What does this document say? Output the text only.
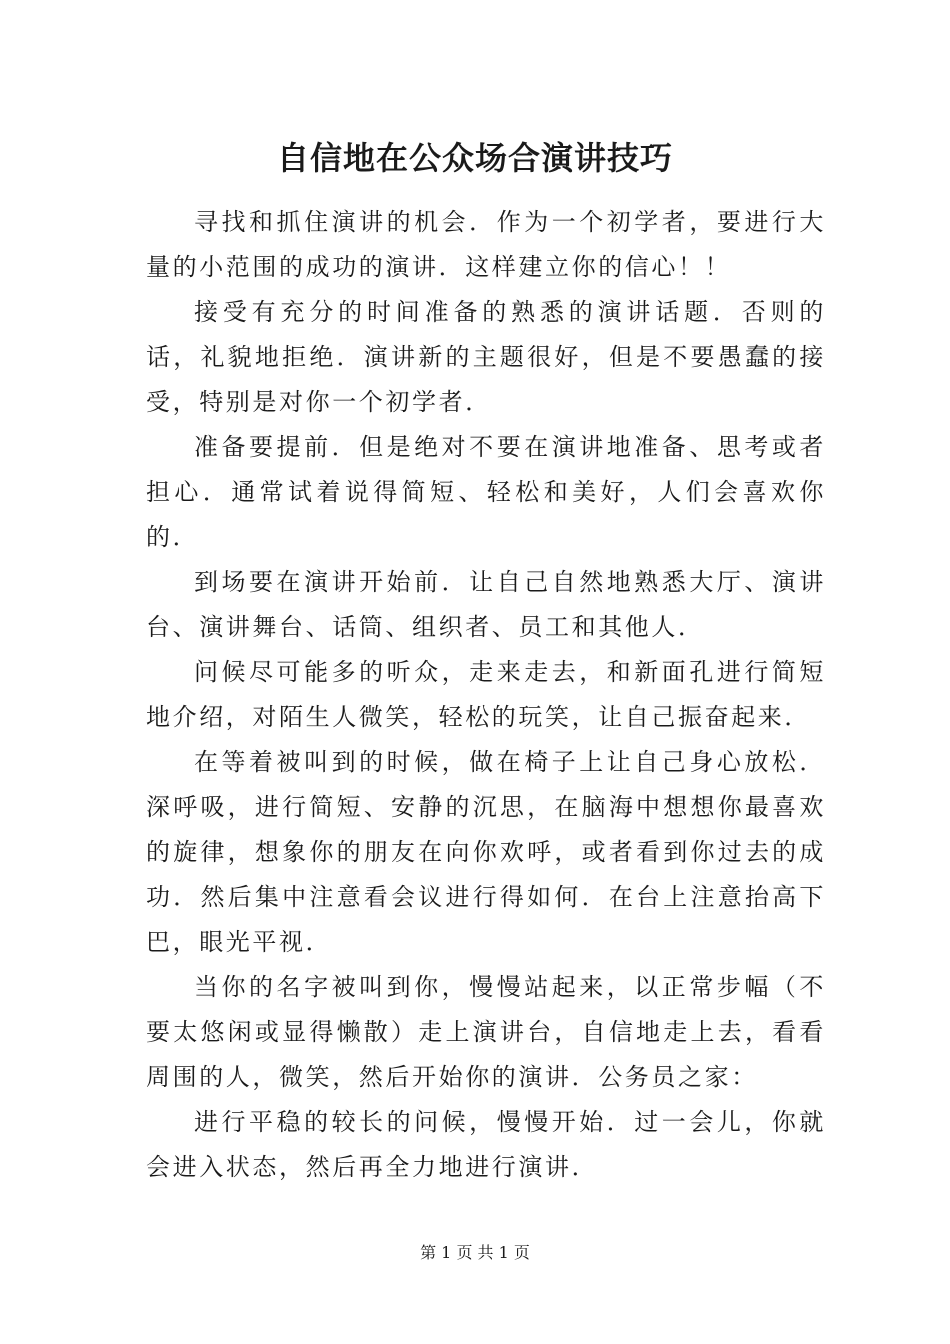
自信地在公众场合演讲技巧

寻找和抓住演讲的机会．作为一个初学者，要进行大量的小范围的成功的演讲．这样建立你的信心！！

接受有充分的时间准备的熟悉的演讲话题．否则的话，礼貌地拒绝．演讲新的主题很好，但是不要愚蠢的接受，特别是对你一个初学者．

准备要提前．但是绝对不要在演讲地准备、思考或者担心．通常试着说得简短、轻松和美好，人们会喜欢你的．

到场要在演讲开始前．让自己自然地熟悉大厅、演讲台、演讲舞台、话筒、组织者、员工和其他人．

问候尽可能多的听众，走来走去，和新面孔进行简短地介绍，对陌生人微笑，轻松的玩笑，让自己振奋起来．

在等着被叫到的时候，做在椅子上让自己身心放松．深呼吸，进行简短、安静的沉思，在脑海中想想你最喜欢的旋律，想象你的朋友在向你欢呼，或者看到你过去的成功．然后集中注意看会议进行得如何．在台上注意抬高下巴，眼光平视．

当你的名字被叫到你，慢慢站起来，以正常步幅（不要太悠闲或显得懒散）走上演讲台，自信地走上去，看看周围的人，微笑，然后开始你的演讲．公务员之家：

进行平稳的较长的问候，慢慢开始．过一会儿，你就会进入状态，然后再全力地进行演讲．

第 1 页 共 1 页
